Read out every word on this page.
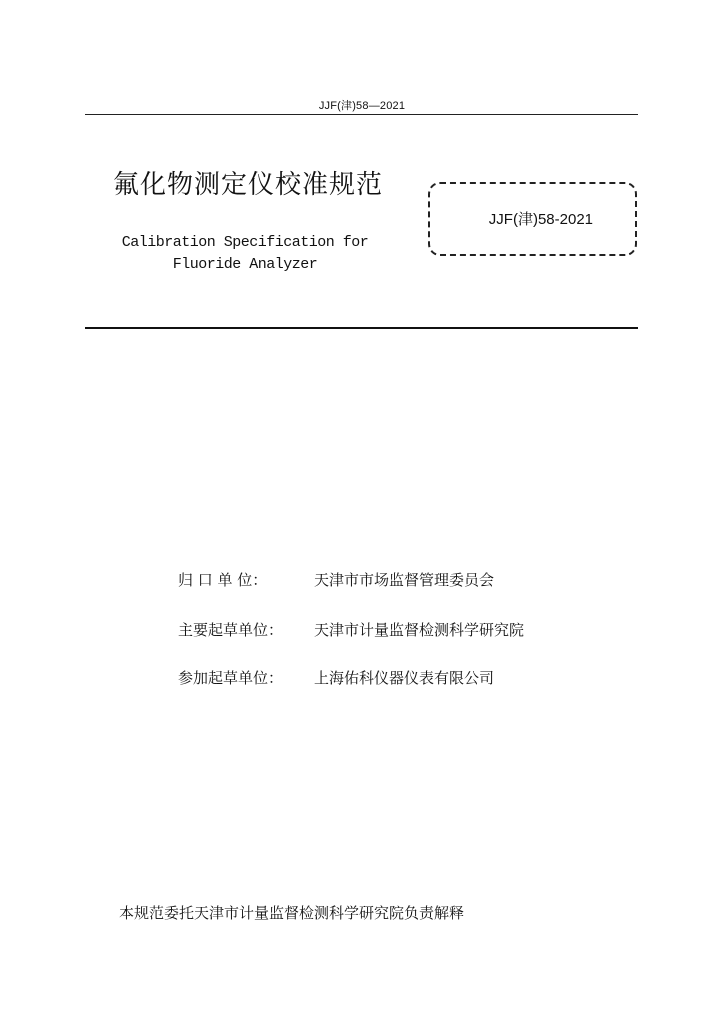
JJF(津)58—2021
氟化物测定仪校准规范
Calibration Specification for
Fluoride Analyzer
JJF(津)58-2021
归 口 单 位：	天津市市场监督管理委员会
主要起草单位： 天津市计量监督检测科学研究院
参加起草单位： 上海佑科仪器仪表有限公司
本规范委托天津市计量监督检测科学研究院负责解释
